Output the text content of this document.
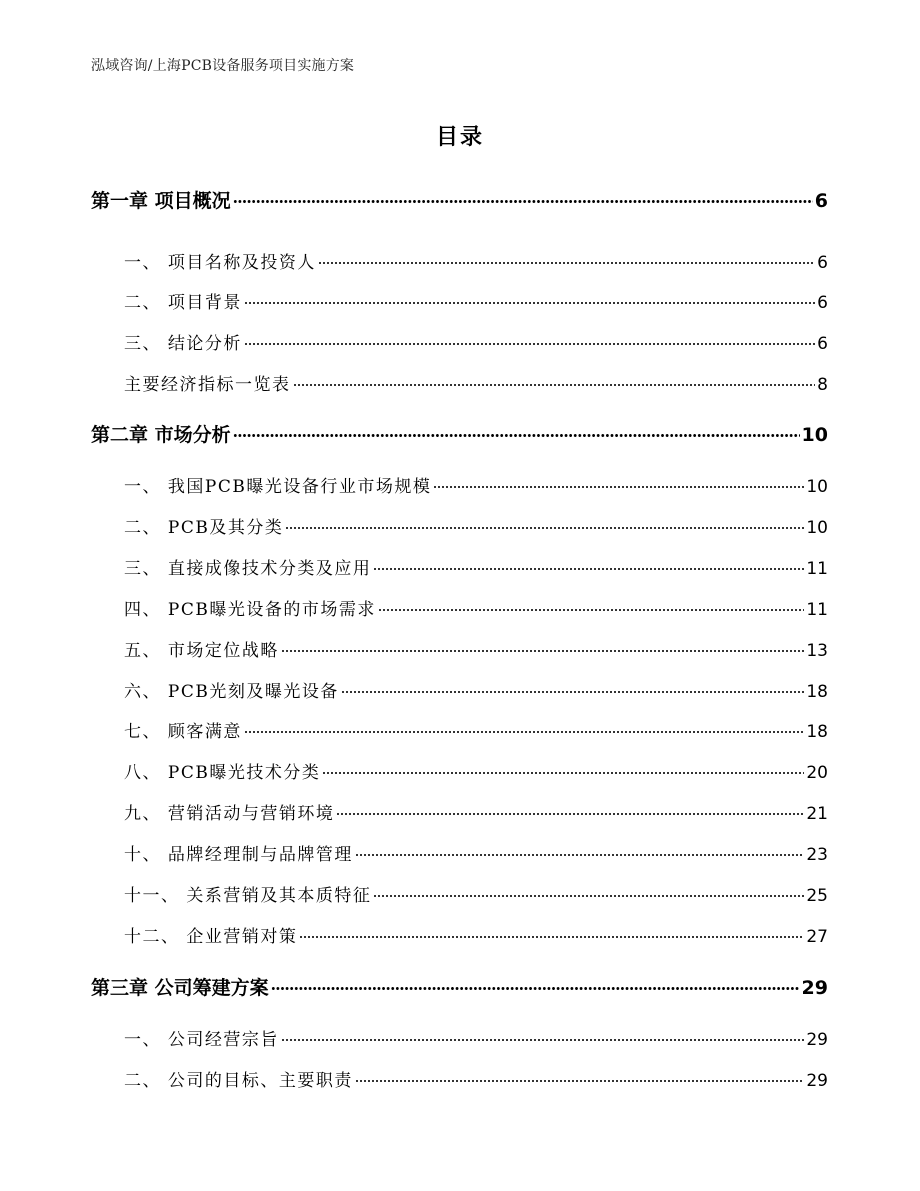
泓域咨询/上海PCB设备服务项目实施方案
目录
第一章 项目概况	6
一、 项目名称及投资人	6
二、 项目背景	6
三、 结论分析	6
主要经济指标一览表	8
第二章 市场分析	10
一、 我国PCB曝光设备行业市场规模	10
二、 PCB及其分类	10
三、 直接成像技术分类及应用	11
四、 PCB曝光设备的市场需求	11
五、 市场定位战略	13
六、 PCB光刻及曝光设备	18
七、 顾客满意	18
八、 PCB曝光技术分类	20
九、 营销活动与营销环境	21
十、 品牌经理制与品牌管理	23
十一、 关系营销及其本质特征	25
十二、 企业营销对策	27
第三章 公司筹建方案	29
一、 公司经营宗旨	29
二、 公司的目标、主要职责	29
